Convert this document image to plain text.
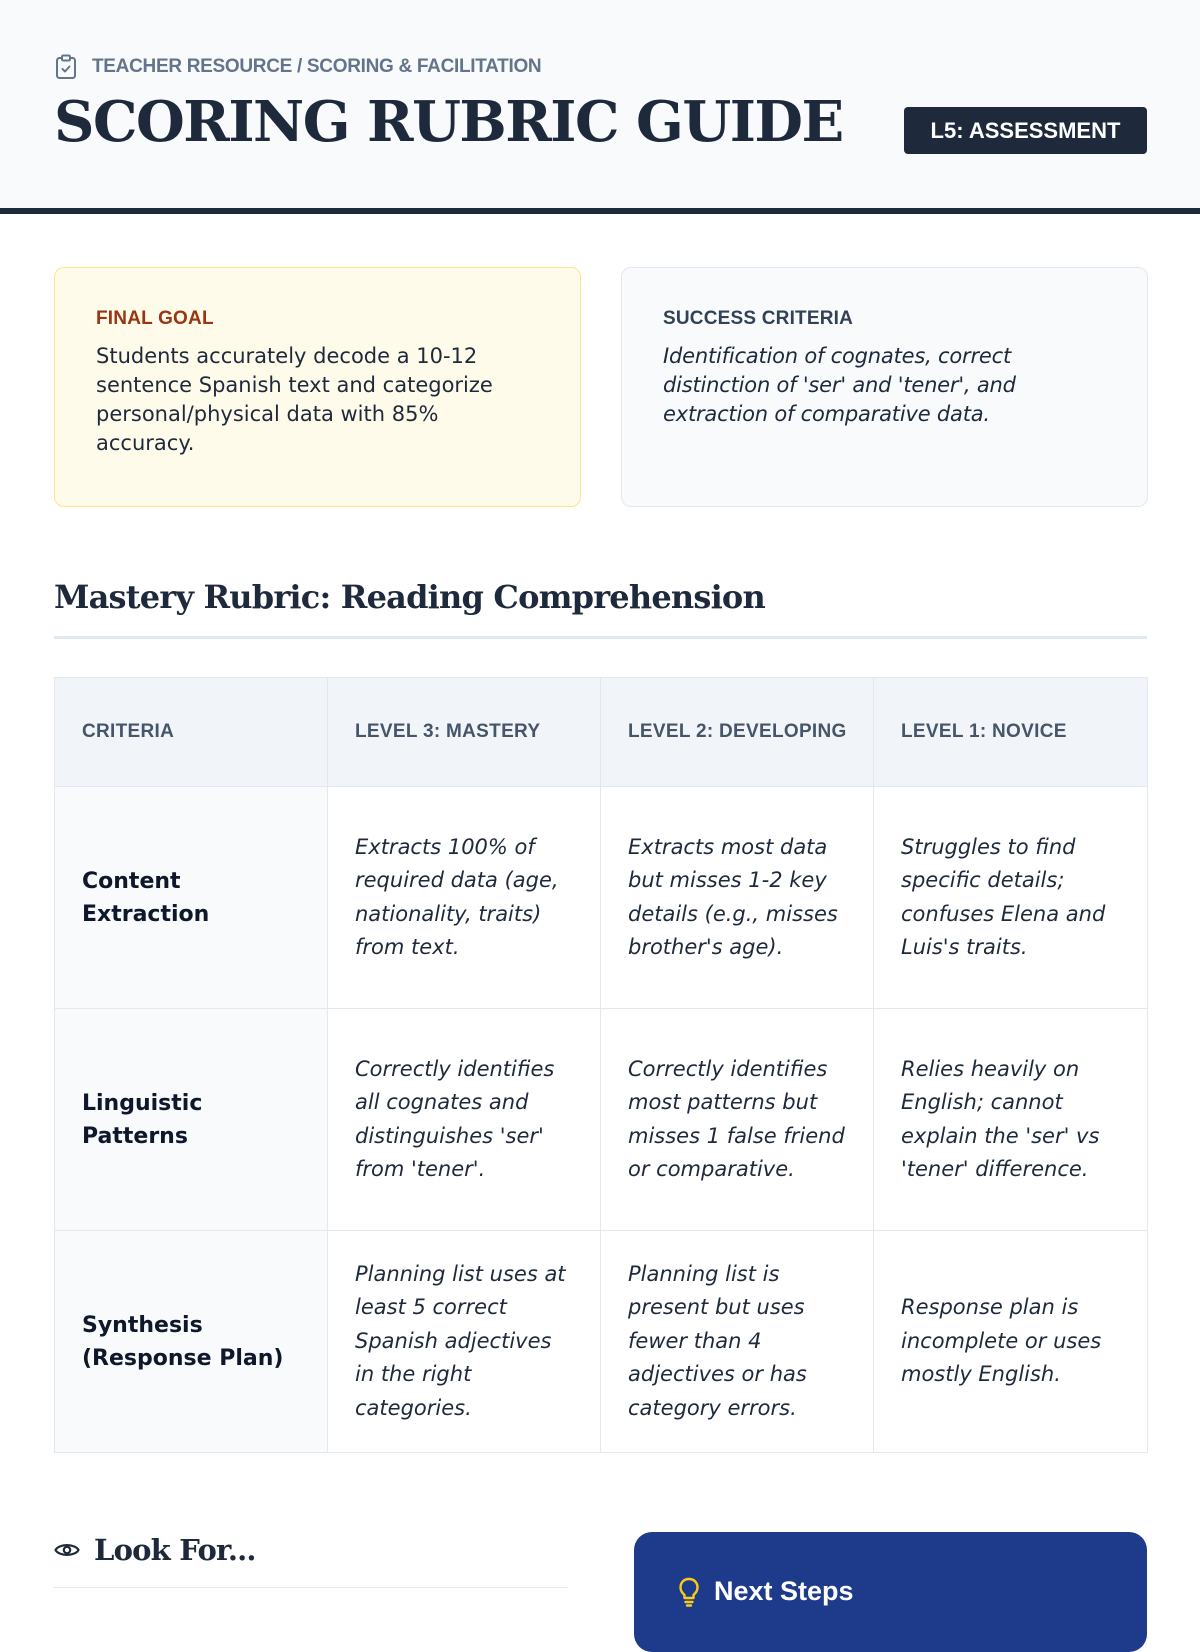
TEACHER RESOURCE / SCORING & FACILITATION
SCORING RUBRIC GUIDE	L5: ASSESSMENT
FINAL GOAL
Students accurately decode a 10-12 sentence Spanish text and categorize personal/physical data with 85% accuracy.
SUCCESS CRITERIA
Identification of cognates, correct distinction of 'ser' and 'tener', and extraction of comparative data.
Mastery Rubric: Reading Comprehension
CRITERIA	LEVEL 3: MASTERY	LEVEL 2: DEVELOPING	LEVEL 1: NOVICE
Content Extraction	Extracts 100% of required data (age, nationality, traits) from text.	Extracts most data but misses 1-2 key details (e.g., misses brother's age).	Struggles to find specific details; confuses Elena and Luis's traits.
Linguistic Patterns	Correctly identifies all cognates and distinguishes 'ser' from 'tener'.	Correctly identifies most patterns but misses 1 false friend or comparative.	Relies heavily on English; cannot explain the 'ser' vs 'tener' difference.
Synthesis (Response Plan)	Planning list uses at least 5 correct Spanish adjectives in the right categories.	Planning list is present but uses fewer than 4 adjectives or has category errors.	Response plan is incomplete or uses mostly English.
Look For...
Next Steps
